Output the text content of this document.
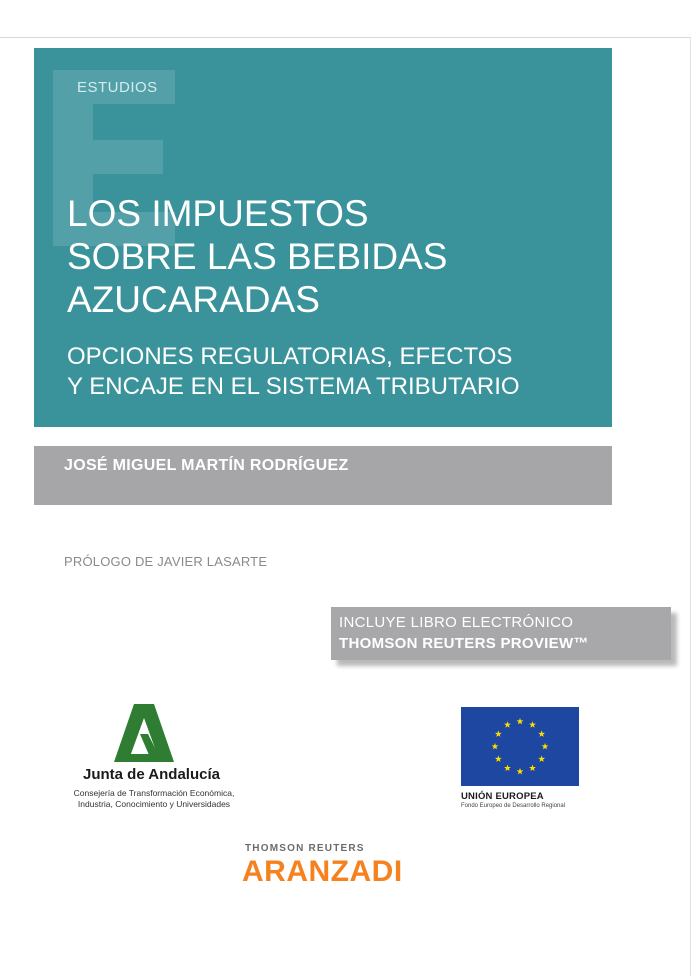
ESTUDIOS
LOS IMPUESTOS
SOBRE LAS BEBIDAS
AZUCARADAS
OPCIONES REGULATORIAS, EFECTOS
Y ENCAJE EN EL SISTEMA TRIBUTARIO
JOSÉ MIGUEL MARTÍN RODRÍGUEZ
PRÓLOGO DE JAVIER LASARTE
INCLUYE LIBRO ELECTRÓNICO
THOMSON REUTERS PROVIEW™
Junta de Andalucía
Consejería de Transformación Económica,
Industria, Conocimiento y Universidades
UNIÓN EUROPEA
Fondo Europeo de Desarrollo Regional
THOMSON REUTERS
ARANZADI
